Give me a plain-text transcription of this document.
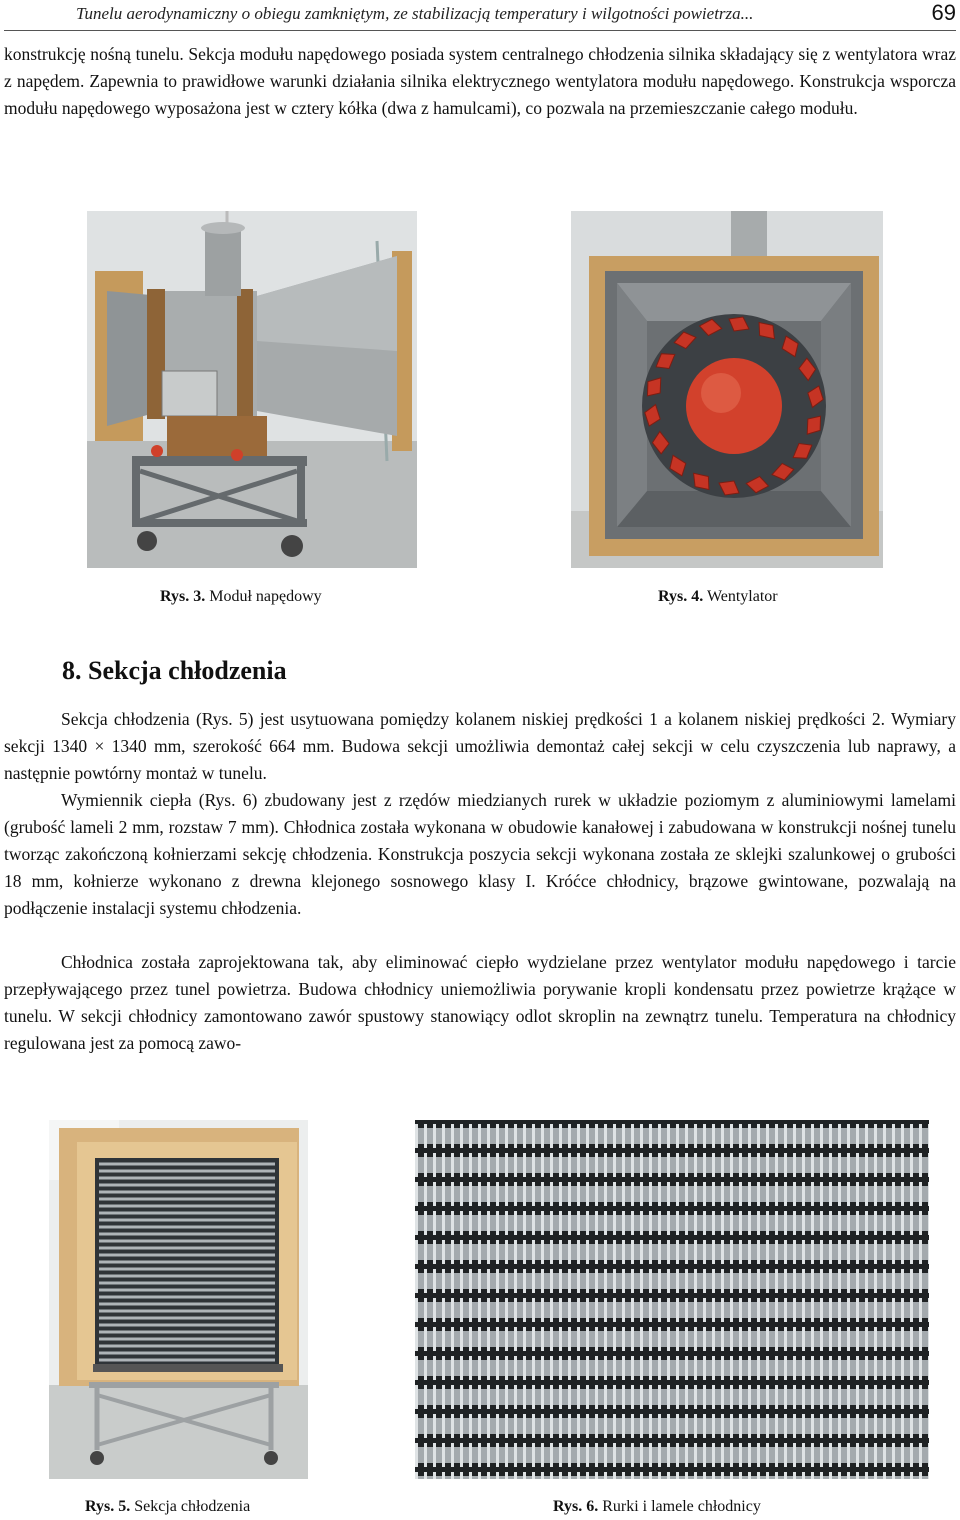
Tunelu aerodynamiczny o obiegu zamkniętym, ze stabilizacją temperatury i wilgotności powietrza...	69

konstrukcję nośną tunelu. Sekcja modułu napędowego posiada system centralnego chłodzenia silnika składający się z wentylatora wraz z napędem. Zapewnia to prawidłowe warunki działania silnika elektrycznego wentylatora modułu napędowego. Konstrukcja wsporcza modułu napędowego wyposażona jest w cztery kółka (dwa z hamulcami), co pozwala na przemieszczanie całego modułu.

Rys. 3. Moduł napędowy	Rys. 4. Wentylator
8. Sekcja chłodzenia

Sekcja chłodzenia (Rys. 5) jest usytuowana pomiędzy kolanem niskiej prędkości 1 a kolanem niskiej prędkości 2. Wymiary sekcji 1340 × 1340 mm, szerokość 664 mm. Budowa sekcji umożliwia demontaż całej sekcji w celu czyszczenia lub naprawy, a następnie powtórny montaż w tunelu.

Wymiennik ciepła (Rys. 6) zbudowany jest z rzędów miedzianych rurek w układzie poziomym z aluminiowymi lamelami (grubość lameli 2 mm, rozstaw 7 mm). Chłodnica została wykonana w obudowie kanałowej i zabudowana w konstrukcji nośnej tunelu tworząc zakończoną kołnierzami sekcję chłodzenia. Konstrukcja poszycia sekcji wykonana została ze sklejki szalunkowej o grubości 18 mm, kołnierze wykonano z drewna klejonego sosnowego klasy I. Króćce chłodnicy, brązowe gwintowane, pozwalają na podłączenie instalacji systemu chłodzenia.

Chłodnica została zaprojektowana tak, aby eliminować ciepło wydzielane przez wentylator modułu napędowego i tarcie przepływającego przez tunel powietrza. Budowa chłodnicy uniemożliwia porywanie kropli kondensatu przez powietrze krążące w tunelu. W sekcji chłodnicy zamontowano zawór spustowy stanowiący odlot skroplin na zewnątrz tunelu. Temperatura na chłodnicy regulowana jest za pomocą zawo-

Rys. 5. Sekcja chłodzenia	Rys. 6. Rurki i lamele chłodnicy
